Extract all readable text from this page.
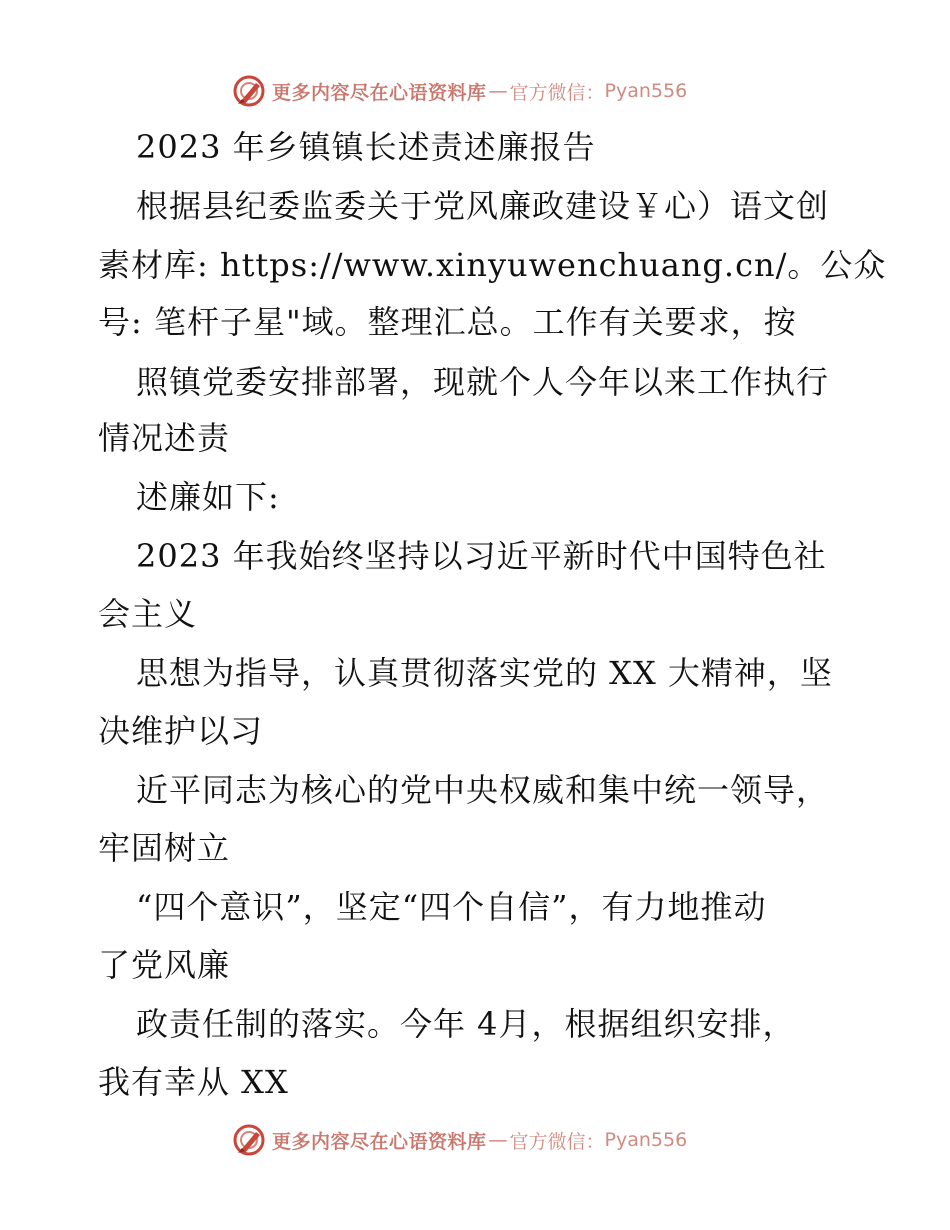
更多内容尽在心语资料库 — 官方微信： Pyan556
2023 年乡镇镇长述责述廉报告
根据县纪委监委关于党风廉政建设￥心）语文创
素材库: https://www.xinyuwenchuang.cn/。公众
号: 笔杆子星"域。整理汇总。工作有关要求，按
照镇党委安排部署，现就个人今年以来工作执行
情况述责
述廉如下:
2023 年我始终坚持以习近平新时代中国特色社
会主义
思想为指导，认真贯彻落实党的 XX 大精神，坚
决维护以习
近平同志为核心的党中央权威和集中统一领导，
牢固树立
“四个意识”，坚定“四个自信”，有力地推动
了党风廉
政责任制的落实。今年 4月，根据组织安排，
我有幸从 XX
更多内容尽在心语资料库 — 官方微信： Pyan556
